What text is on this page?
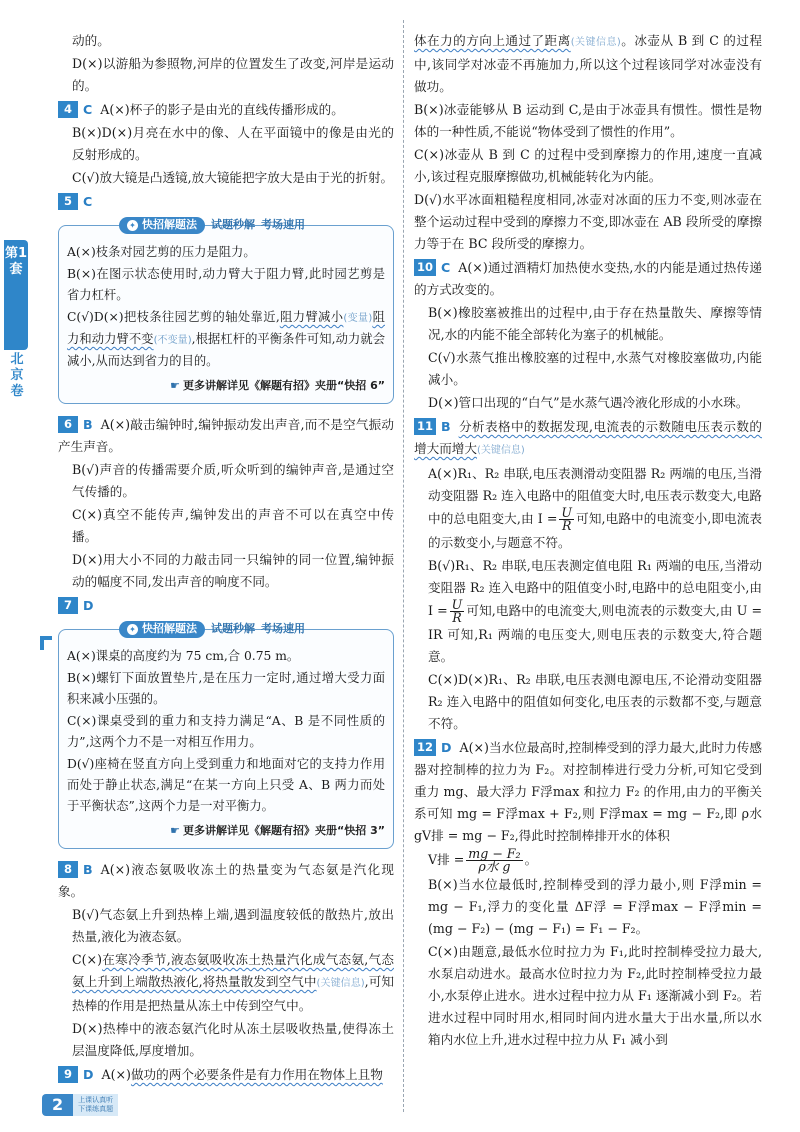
第1套
北京卷

动的。

D(×)以游船为参照物,河岸的位置发生了改变,河岸是运动的。

4 C A(×)杯子的影子是由光的直线传播形成的。

B(×)D(×)月亮在水中的像、人在平面镜中的像是由光的反射形成的。

C(√)放大镜是凸透镜,放大镜能把字放大是由于光的折射。

5 C

✦ 快招解题法 试题秒解 考场速用

A(×)枝条对园艺剪的压力是阻力。

B(×)在图示状态使用时,动力臂大于阻力臂,此时园艺剪是省力杠杆。

C(√)D(×)把枝条往园艺剪的轴处靠近,阻力臂减小(变量)阻力和动力臂不变(不变量),根据杠杆的平衡条件可知,动力就会减小,从而达到省力的目的。

☛ 更多讲解详见《解题有招》夹册“快招 6”

6 B A(×)敲击编钟时,编钟振动发出声音,而不是空气振动产生声音。

B(√)声音的传播需要介质,听众听到的编钟声音,是通过空气传播的。

C(×)真空不能传声,编钟发出的声音不可以在真空中传播。

D(×)用大小不同的力敲击同一只编钟的同一位置,编钟振动的幅度不同,发出声音的响度不同。

7 D

✦ 快招解题法 试题秒解 考场速用

A(×)课桌的高度约为 75 cm,合 0.75 m。

B(×)螺钉下面放置垫片,是在压力一定时,通过增大受力面积来减小压强的。

C(×)课桌受到的重力和支持力满足“A、B 是不同性质的力”,这两个力不是一对相互作用力。

D(√)座椅在竖直方向上受到重力和地面对它的支持力作用而处于静止状态,满足“在某一方向上只受 A、B 两力而处于平衡状态”,这两个力是一对平衡力。

☛ 更多讲解详见《解题有招》夹册“快招 3”

8 B A(×)液态氨吸收冻土的热量变为气态氨是汽化现象。

B(√)气态氨上升到热棒上端,遇到温度较低的散热片,放出热量,液化为液态氨。

C(×)在寒冷季节,液态氨吸收冻土热量汽化成气态氨,气态氨上升到上端散热液化,将热量散发到空气中(关键信息),可知热棒的作用是把热量从冻土中传到空气中。

D(×)热棒中的液态氨汽化时从冻土层吸收热量,使得冻土层温度降低,厚度增加。

9 D A(×)做功的两个必要条件是有力作用在物体上且物

体在力的方向上通过了距离(关键信息)。冰壶从 B 到 C 的过程中,该同学对冰壶不再施加力,所以这个过程该同学对冰壶没有做功。

B(×)冰壶能够从 B 运动到 C,是由于冰壶具有惯性。惯性是物体的一种性质,不能说“物体受到了惯性的作用”。

C(×)冰壶从 B 到 C 的过程中受到摩擦力的作用,速度一直减小,该过程克服摩擦做功,机械能转化为内能。

D(√)水平冰面粗糙程度相同,冰壶对冰面的压力不变,则冰壶在整个运动过程中受到的摩擦力不变,即冰壶在 AB 段所受的摩擦力等于在 BC 段所受的摩擦力。

10 C A(×)通过酒精灯加热使水变热,水的内能是通过热传递的方式改变的。

B(×)橡胶塞被推出的过程中,由于存在热量散失、摩擦等情况,水的内能不能全部转化为塞子的机械能。

C(√)水蒸气推出橡胶塞的过程中,水蒸气对橡胶塞做功,内能减小。

D(×)管口出现的“白气”是水蒸气遇冷液化形成的小水珠。

11 B 分析表格中的数据发现,电流表的示数随电压表示数的增大而增大(关键信息)

A(×)R₁、R₂ 串联,电压表测滑动变阻器 R₂ 两端的电压,当滑动变阻器 R₂ 连入电路中的阻值变大时,电压表示数变大,电路中的总电阻变大,由 $I = \frac{U}{R}$ 可知,电路中的电流变小,即电流表的示数变小,与题意不符。

B(√)R₁、R₂ 串联,电压表测定值电阻 R₁ 两端的电压,当滑动变阻器 R₂ 连入电路中的阻值变小时,电路中的总电阻变小,由 $I = \frac{U}{R}$ 可知,电路中的电流变大,则电流表的示数变大,由 U = IR 可知,R₁ 两端的电压变大,则电压表的示数变大,符合题意。

C(×)D(×)R₁、R₂ 串联,电压表测电源电压,不论滑动变阻器 R₂ 连入电路中的阻值如何变化,电压表的示数都不变,与题意不符。

12 D A(×)当水位最高时,控制棒受到的浮力最大,此时力传感器对控制棒的拉力为 F₂。对控制棒进行受力分析,可知它受到重力 mg、最大浮力 F浮max 和拉力 F₂ 的作用,由力的平衡关系可知 mg = F浮max + F₂,则 F浮max = mg − F₂,即 ρ水 gV排 = mg − F₂,得此时控制棒排开水的体积

V排 = $\frac{\text{mg − F₂}}{\text{ρ水 g}}$ 。

B(×)当水位最低时,控制棒受到的浮力最小,则 F浮min = mg − F₁,浮力的变化量 ΔF浮 = F浮max − F浮min = (mg − F₂) − (mg − F₁) = F₁ − F₂。

C(×)由题意,最低水位时拉力为 F₁,此时控制棒受拉力最大,水泵启动进水。最高水位时拉力为 F₂,此时控制棒受拉力最小,水泵停止进水。进水过程中拉力从 F₁ 逐渐减小到 F₂。若进水过程中同时用水,相同时间内进水量大于出水量,所以水箱内水位上升,进水过程中拉力从 F₁ 减小到

2	上课认真听
下课练真题
